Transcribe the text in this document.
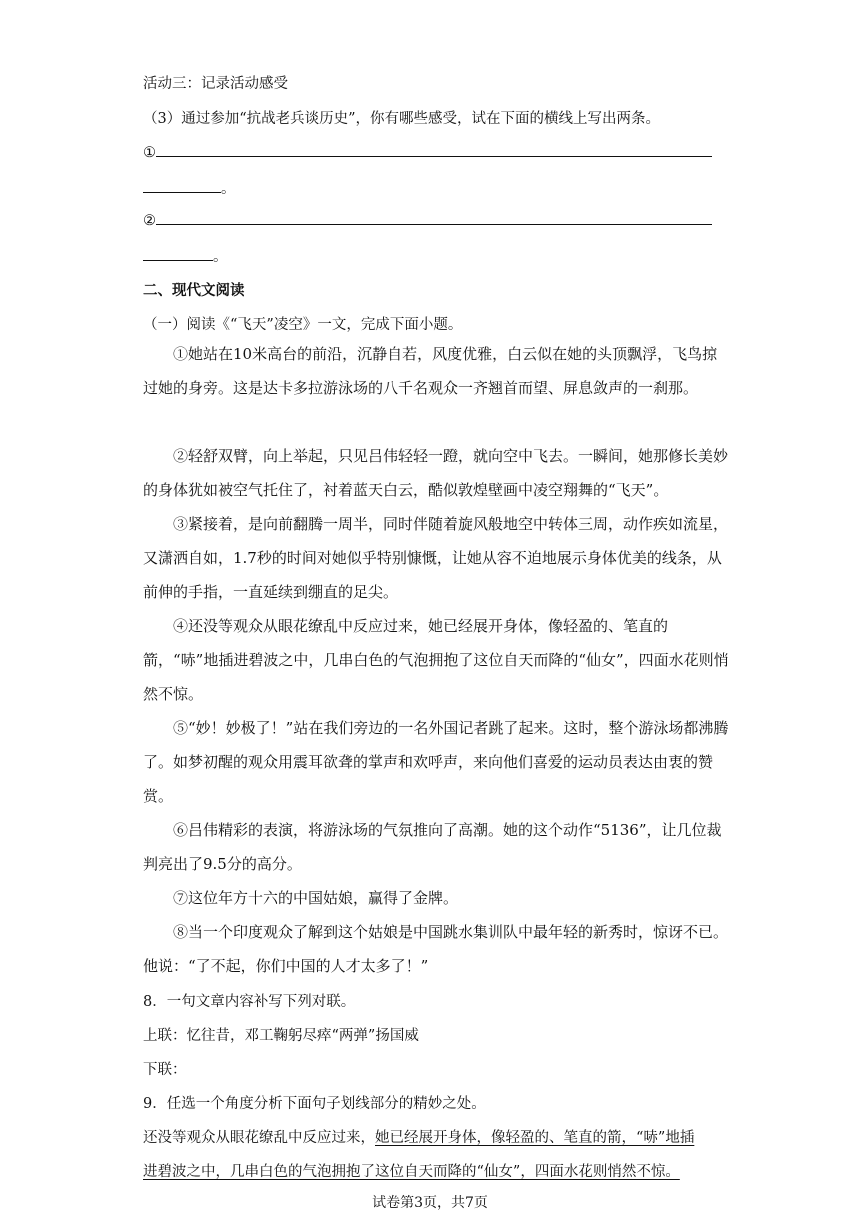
活动三：记录活动感受
（3）通过参加“抗战老兵谈历史”，你有哪些感受，试在下面的横线上写出两条。
①
。
②
。
二、现代文阅读
（一）阅读《“飞天”凌空》一文，完成下面小题。
①她站在10米高台的前沿，沉静自若，风度优雅，白云似在她的头顶飘浮，飞鸟掠过她的身旁。这是达卡多拉游泳场的八千名观众一齐翘首而望、屏息敛声的一刹那。
②轻舒双臂，向上举起，只见吕伟轻轻一蹬，就向空中飞去。一瞬间，她那修长美妙的身体犹如被空气托住了，衬着蓝天白云，酷似敦煌壁画中凌空翔舞的“飞天”。
③紧接着，是向前翻腾一周半，同时伴随着旋风般地空中转体三周，动作疾如流星，又潇洒自如，1.7秒的时间对她似乎特别慷慨，让她从容不迫地展示身体优美的线条，从前伸的手指，一直延续到绷直的足尖。
④还没等观众从眼花缭乱中反应过来，她已经展开身体，像轻盈的、笔直的箭，“哧”地插进碧波之中，几串白色的气泡拥抱了这位自天而降的“仙女”，四面水花则悄然不惊。
⑤“妙！妙极了！”站在我们旁边的一名外国记者跳了起来。这时，整个游泳场都沸腾了。如梦初醒的观众用震耳欲聋的掌声和欢呼声，来向他们喜爱的运动员表达由衷的赞赏。
⑥吕伟精彩的表演，将游泳场的气氛推向了高潮。她的这个动作“5136”，让几位裁判亮出了9.5分的高分。
⑦这位年方十六的中国姑娘，赢得了金牌。
⑧当一个印度观众了解到这个姑娘是中国跳水集训队中最年轻的新秀时，惊讶不已。他说：“了不起，你们中国的人才太多了！”
8．一句文章内容补写下列对联。
上联：忆往昔，邓工鞠躬尽瘁“两弹”扬国威
下联：
9．任选一个角度分析下面句子划线部分的精妙之处。
还没等观众从眼花缭乱中反应过来，她已经展开身体，像轻盈的、笔直的箭，“哧”地插
进碧波之中，几串白色的气泡拥抱了这位自天而降的“仙女”，四面水花则悄然不惊。
试卷第3页，共7页
